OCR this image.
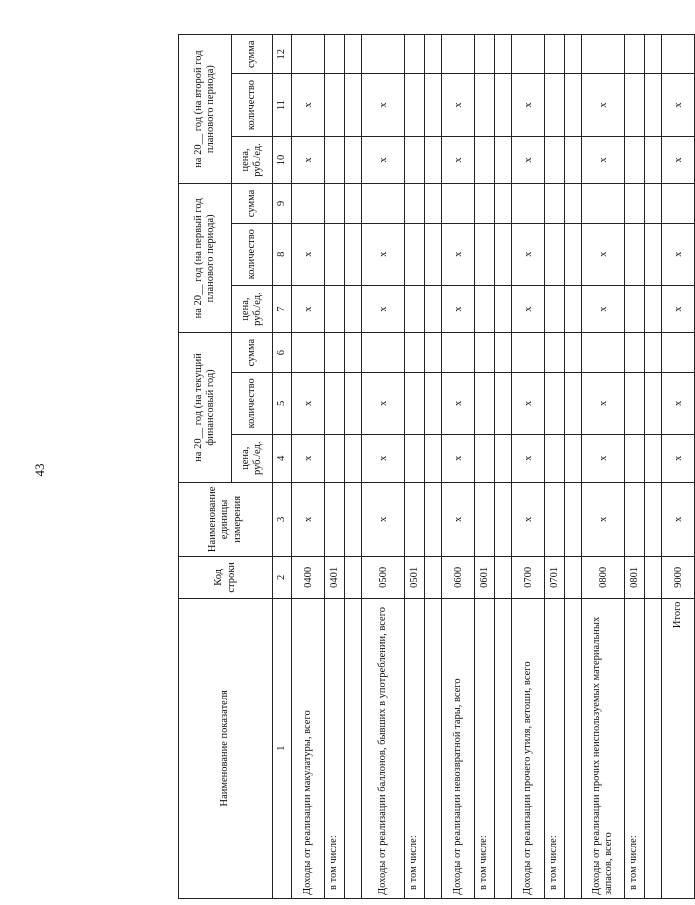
43
Наименование показателя	Код строки	Наименование единицы измерения	на 20__ год (на текущий финансовый год)			на 20__ год (на первый год планового периода)			на 20__ год (на второй год планового периода)		
			цена, руб./ед.	количество	сумма	цена, руб./ед.	количество	сумма	цена, руб./ед.	количество	сумма
1	2	3	4	5	6	7	8	9	10	11	12
Доходы от реализации макулатуры, всего	0400	x	x	x		x	x		x	x	
в том числе:	0401										

Доходы от реализации баллонов, бывших в употреблении, всего	0500	x	x	x		x	x		x	x	
в том числе:	0501										

Доходы от реализации невозвратной тары, всего	0600	x	x	x		x	x		x	x	
в том числе:	0601										

Доходы от реализации прочего утиля, ветоши, всего	0700	x	x	x		x	x		x	x	
в том числе:	0701										

Доходы от реализации прочих неиспользуемых материальных запасов, всего	0800	x	x	x		x	x		x	x	
в том числе:	0801										

Итого	9000	x	x	x		x	x		x	x	
